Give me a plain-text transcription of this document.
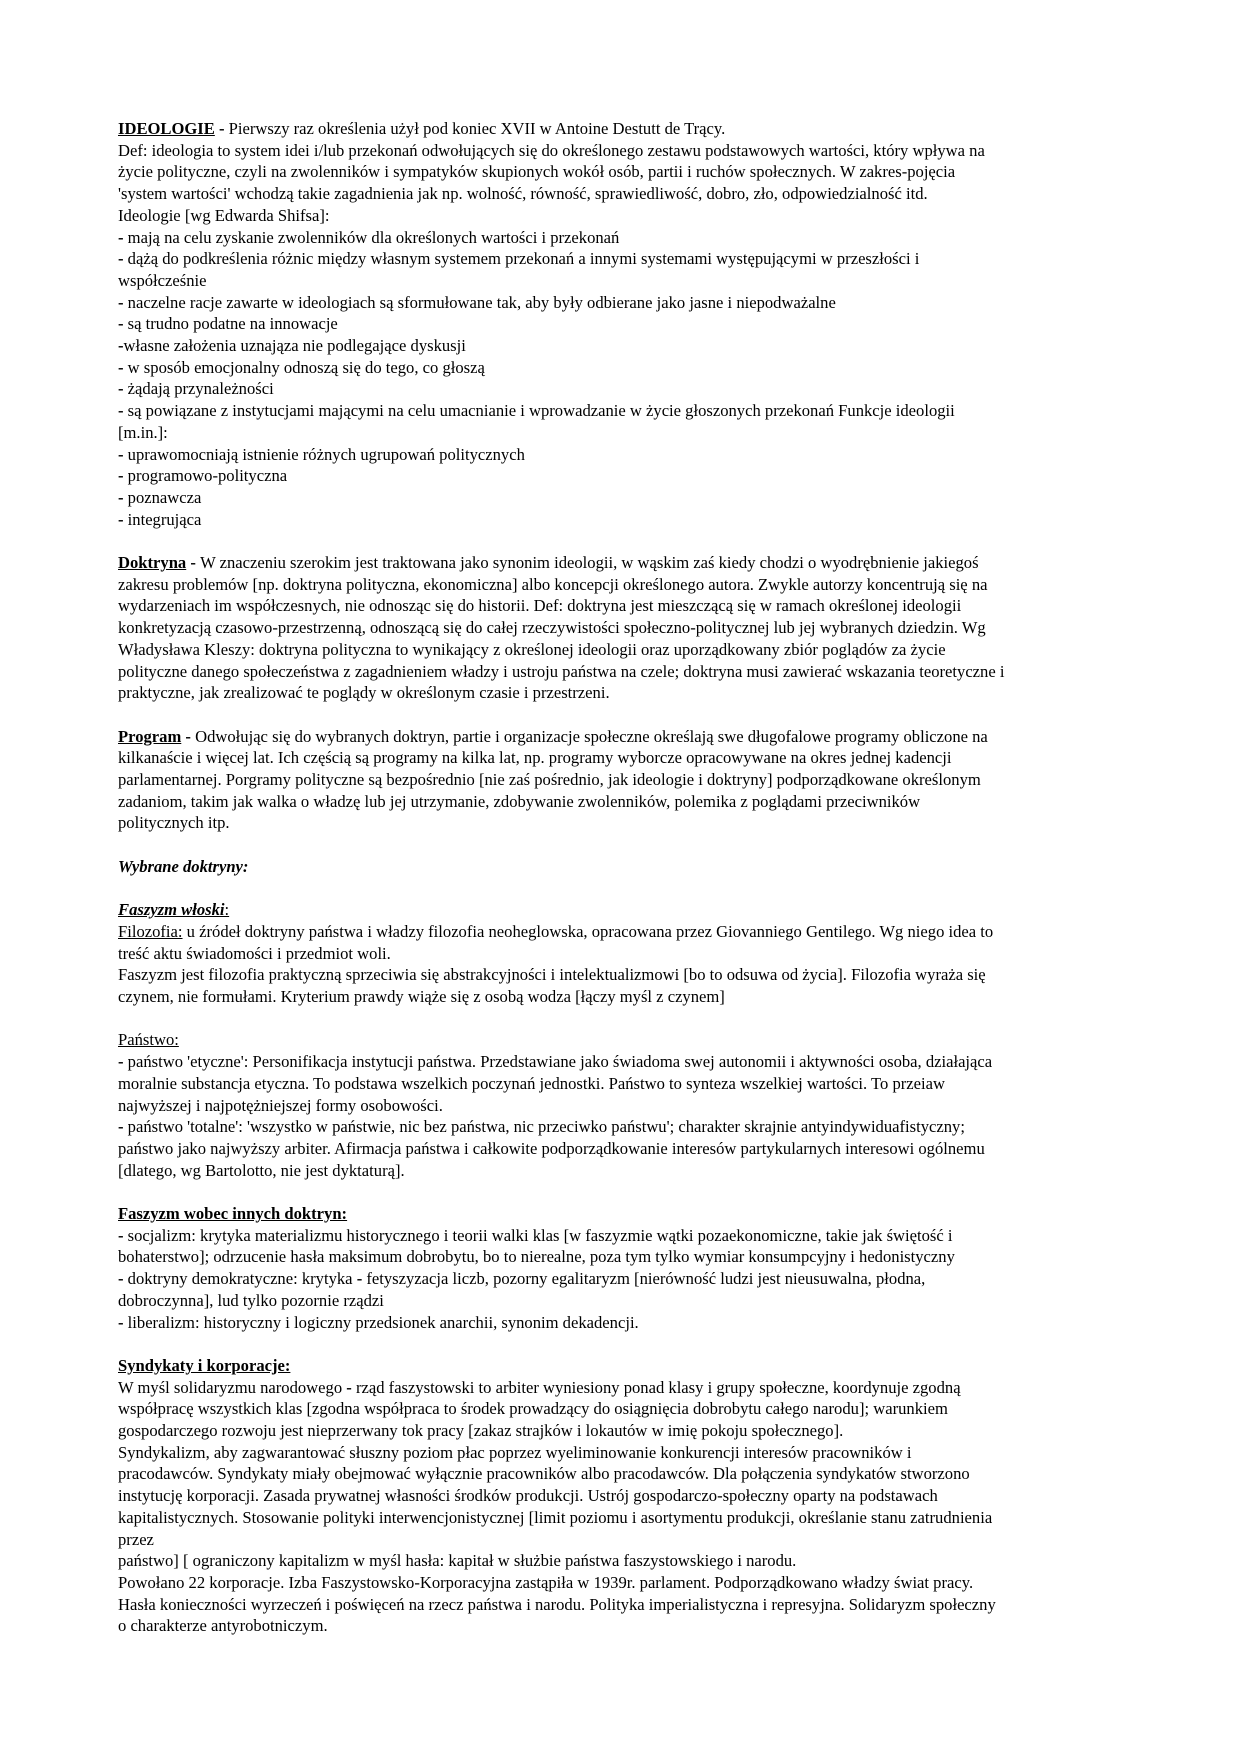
IDEOLOGIE - Pierwszy raz określenia użył pod koniec XVII w Antoine Destutt de Trący.
Def: ideologia to system idei i/lub przekonań odwołujących się do określonego zestawu podstawowych wartości, który wpływa na
życie polityczne, czyli na zwolenników i sympatyków skupionych wokół osób, partii i ruchów społecznych. W zakres-pojęcia
'system wartości' wchodzą takie zagadnienia jak np. wolność, równość, sprawiedliwość, dobro, zło, odpowiedzialność itd.
Ideologie [wg Edwarda Shifsa]:
- mają na celu zyskanie zwolenników dla określonych wartości i przekonań
- dążą do podkreślenia różnic między własnym systemem przekonań a innymi systemami występującymi w przeszłości i
współcześnie
- naczelne racje zawarte w ideologiach są sformułowane tak, aby były odbierane jako jasne i niepodważalne
- są trudno podatne na innowacje
-własne założenia uznająza nie podlegające dyskusji
- w sposób emocjonalny odnoszą się do tego, co głoszą
- żądają przynależności
- są powiązane z instytucjami mającymi na celu umacnianie i wprowadzanie w życie głoszonych przekonań Funkcje ideologii
[m.in.]:
- uprawomocniają istnienie różnych ugrupowań politycznych
- programowo-polityczna
- poznawcza
- integrująca
Doktryna - W znaczeniu szerokim jest traktowana jako synonim ideologii, w wąskim zaś kiedy chodzi o wyodrębnienie jakiegoś
zakresu problemów [np. doktryna polityczna, ekonomiczna] albo koncepcji określonego autora. Zwykle autorzy koncentrują się na
wydarzeniach im współczesnych, nie odnosząc się do historii. Def: doktryna jest mieszczącą się w ramach określonej ideologii
konkretyzacją czasowo-przestrzenną, odnoszącą się do całej rzeczywistości społeczno-politycznej lub jej wybranych dziedzin. Wg
Władysława Kleszy: doktryna polityczna to wynikający z określonej ideologii oraz uporządkowany zbiór poglądów za życie
polityczne danego społeczeństwa z zagadnieniem władzy i ustroju państwa na czele; doktryna musi zawierać wskazania teoretyczne i
praktyczne, jak zrealizować te poglądy w określonym czasie i przestrzeni.
Program - Odwołując się do wybranych doktryn, partie i organizacje społeczne określają swe długofalowe programy obliczone na
kilkanaście i więcej lat. Ich częścią są programy na kilka lat, np. programy wyborcze opracowywane na okres jednej kadencji
parlamentarnej. Porgramy polityczne są bezpośrednio [nie zaś pośrednio, jak ideologie i doktryny] podporządkowane określonym
zadaniom, takim jak walka o władzę lub jej utrzymanie, zdobywanie zwolenników, polemika z poglądami przeciwników
politycznych itp.
Wybrane doktryny:
Faszyzm włoski:
Filozofia: u źródeł doktryny państwa i władzy filozofia neoheglowska, opracowana przez Giovanniego Gentilego. Wg niego idea to
treść aktu świadomości i przedmiot woli.
Faszyzm jest filozofia praktyczną sprzeciwia się abstrakcyjności i intelektualizmowi [bo to odsuwa od życia]. Filozofia wyraża się
czynem, nie formułami. Kryterium prawdy wiąże się z osobą wodza [łączy myśl z czynem]
Państwo:
- państwo 'etyczne': Personifikacja instytucji państwa. Przedstawiane jako świadoma swej autonomii i aktywności osoba, działająca
moralnie substancja etyczna. To podstawa wszelkich poczynań jednostki. Państwo to synteza wszelkiej wartości. To przeiaw
najwyższej i najpotężniejszej formy osobowości.
- państwo 'totalne': 'wszystko w państwie, nic bez państwa, nic przeciwko państwu'; charakter skrajnie antyindywiduafistyczny;
państwo jako najwyższy arbiter. Afirmacja państwa i całkowite podporządkowanie interesów partykularnych interesowi ogólnemu
[dlatego, wg Bartolotto, nie jest dyktaturą].
Faszyzm wobec innych doktryn:
- socjalizm: krytyka materializmu historycznego i teorii walki klas [w faszyzmie wątki pozaekonomiczne, takie jak świętość i
bohaterstwo]; odrzucenie hasła maksimum dobrobytu, bo to nierealne, poza tym tylko wymiar konsumpcyjny i hedonistyczny
- doktryny demokratyczne: krytyka - fetyszyzacja liczb, pozorny egalitaryzm [nierówność ludzi jest nieusuwalna, płodna,
dobroczynna], lud tylko pozornie rządzi
- liberalizm: historyczny i logiczny przedsionek anarchii, synonim dekadencji.
Syndykaty i korporacje:
W myśl solidaryzmu narodowego - rząd faszystowski to arbiter wyniesiony ponad klasy i grupy społeczne, koordynuje zgodną
współpracę wszystkich klas [zgodna współpraca to środek prowadzący do osiągnięcia dobrobytu całego narodu]; warunkiem
gospodarczego rozwoju jest nieprzerwany tok pracy [zakaz strajków i lokautów w imię pokoju społecznego].
Syndykalizm, aby zagwarantować słuszny poziom płac poprzez wyeliminowanie konkurencji interesów pracowników i
pracodawców. Syndykaty miały obejmować wyłącznie pracowników albo pracodawców. Dla połączenia syndykatów stworzono
instytucję korporacji. Zasada prywatnej własności środków produkcji. Ustrój gospodarczo-społeczny oparty na podstawach
kapitalistycznych. Stosowanie polityki interwencjonistycznej [limit poziomu i asortymentu produkcji, określanie stanu zatrudnienia
przez
państwo] [ ograniczony kapitalizm w myśl hasła: kapitał w służbie państwa faszystowskiego i narodu.
Powołano 22 korporacje. Izba Faszystowsko-Korporacyjna zastąpiła w 1939r. parlament. Podporządkowano władzy świat pracy.
Hasła konieczności wyrzeczeń i poświęceń na rzecz państwa i narodu. Polityka imperialistyczna i represyjna. Solidaryzm społeczny
o charakterze antyrobotniczym.
